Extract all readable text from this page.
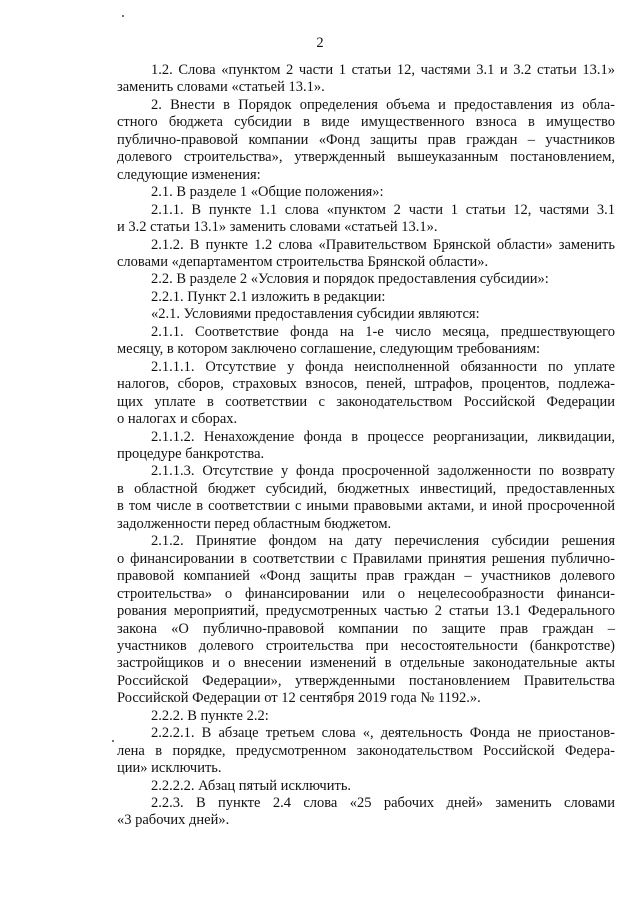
2
1.2. Слова «пунктом 2 части 1 статьи 12, частями 3.1 и 3.2 статьи 13.1»
заменить словами «статьей 13.1».
2. Внести в Порядок определения объема и предоставления из обла-
стного бюджета субсидии в виде имущественного взноса в имущество
публично-правовой компании «Фонд защиты прав граждан – участников
долевого строительства», утвержденный вышеуказанным постановлением,
следующие изменения:
2.1. В разделе 1 «Общие положения»:
2.1.1. В пункте 1.1 слова «пунктом 2 части 1 статьи 12, частями 3.1
и 3.2 статьи 13.1» заменить словами «статьей 13.1».
2.1.2. В пункте 1.2 слова «Правительством Брянской области» заменить
словами «департаментом строительства Брянской области».
2.2. В разделе 2 «Условия и порядок предоставления субсидии»:
2.2.1. Пункт 2.1 изложить в редакции:
«2.1. Условиями предоставления субсидии являются:
2.1.1. Соответствие фонда на 1-е число месяца, предшествующего
месяцу, в котором заключено соглашение, следующим требованиям:
2.1.1.1. Отсутствие у фонда неисполненной обязанности по уплате
налогов, сборов, страховых взносов, пеней, штрафов, процентов, подлежа-
щих уплате в соответствии с законодательством Российской Федерации
о налогах и сборах.
2.1.1.2. Ненахождение фонда в процессе реорганизации, ликвидации,
процедуре банкротства.
2.1.1.3. Отсутствие у фонда просроченной задолженности по возврату
в областной бюджет субсидий, бюджетных инвестиций, предоставленных
в том числе в соответствии с иными правовыми актами, и иной просроченной
задолженности перед областным бюджетом.
2.1.2. Принятие фондом на дату перечисления субсидии решения
о финансировании в соответствии с Правилами принятия решения публично-
правовой компанией «Фонд защиты прав граждан – участников долевого
строительства» о финансировании или о нецелесообразности финанси-
рования мероприятий, предусмотренных частью 2 статьи 13.1 Федерального
закона «О публично-правовой компании по защите прав граждан –
участников долевого строительства при несостоятельности (банкротстве)
застройщиков и о внесении изменений в отдельные законодательные акты
Российской Федерации», утвержденными постановлением Правительства
Российской Федерации от 12 сентября 2019 года № 1192.».
2.2.2. В пункте 2.2:
2.2.2.1. В абзаце третьем слова «, деятельность Фонда не приостанов-
лена в порядке, предусмотренном законодательством Российской Федера-
ции» исключить.
2.2.2.2. Абзац пятый исключить.
2.2.3. В пункте 2.4 слова «25 рабочих дней» заменить словами
«3 рабочих дней».
